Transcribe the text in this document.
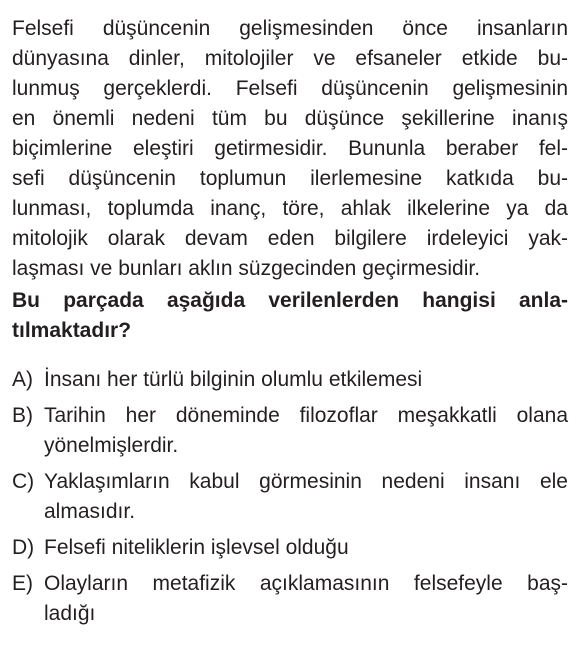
Felsefi düşüncenin gelişmesinden önce insanların
dünyasına dinler, mitolojiler ve efsaneler etkide bu-
lunmuş gerçeklerdi. Felsefi düşüncenin gelişmesinin
en önemli nedeni tüm bu düşünce şekillerine inanış
biçimlerine eleştiri getirmesidir. Bununla beraber fel-
sefi düşüncenin toplumun ilerlemesine katkıda bu-
lunması, toplumda inanç, töre, ahlak ilkelerine ya da
mitolojik olarak devam eden bilgilere irdeleyici yak-
laşması ve bunları aklın süzgecinden geçirmesidir.

Bu parçada aşağıda verilenlerden hangisi anla-
tılmaktadır?

A) İnsanı her türlü bilginin olumlu etkilemesi
B) Tarihin her döneminde filozoflar meşakkatli olana
yönelmişlerdir.
C) Yaklaşımların kabul görmesinin nedeni insanı ele
almasıdır.
D) Felsefi niteliklerin işlevsel olduğu
E) Olayların metafizik açıklamasının felsefeyle baş-
ladığı
